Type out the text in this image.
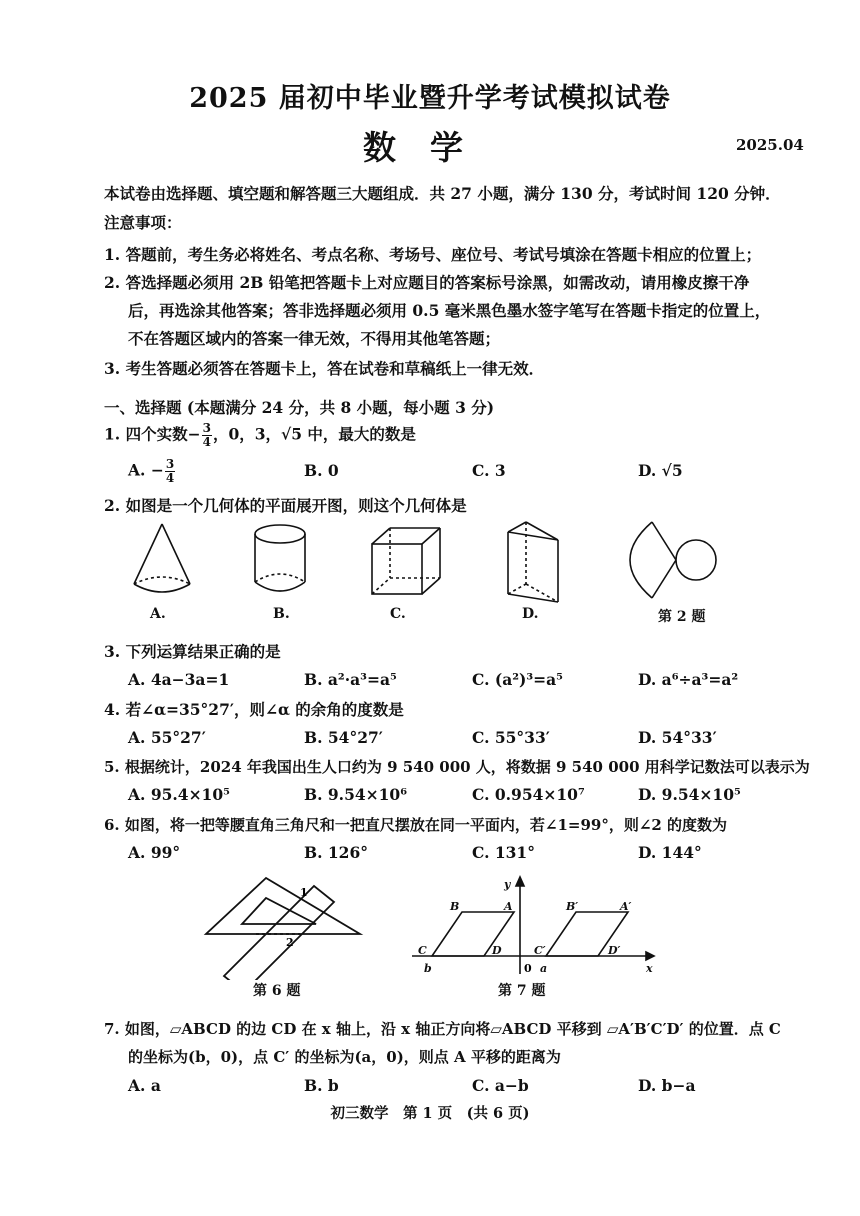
2025 届初中毕业暨升学考试模拟试卷
数学	2025.04
本试卷由选择题、填空题和解答题三大题组成．共 27 小题，满分 130 分，考试时间 120 分钟．
注意事项：
1. 答题前，考生务必将姓名、考点名称、考场号、座位号、考试号填涂在答题卡相应的位置上；
2. 答选择题必须用 2B 铅笔把答题卡上对应题目的答案标号涂黑，如需改动，请用橡皮擦干净
后，再选涂其他答案；答非选择题必须用 0.5 毫米黑色墨水签字笔写在答题卡指定的位置上，
不在答题区域内的答案一律无效，不得用其他笔答题；
3. 考生答题必须答在答题卡上，答在试卷和草稿纸上一律无效．
一、选择题 (本题满分 24 分，共 8 小题，每小题 3 分)
1. 四个实数− $\frac{3}{4}$ ，0，3，√5 中，最大的数是
A. − $\frac{3}{4}$	B. 0	C. 3	D. √5
2. 如图是一个几何体的平面展开图，则这个几何体是
A.	B.	C.	D.	第 2 题
3. 下列运算结果正确的是
A. 4a−3a=1	B. a²·a³=a⁵	C. (a²)³=a⁵	D. a⁶÷a³=a²
4. 若∠α=35°27′，则∠α 的余角的度数是
A. 55°27′	B. 54°27′	C. 55°33′	D. 54°33′
5. 根据统计，2024 年我国出生人口约为 9 540 000 人，将数据 9 540 000 用科学记数法可以表示为
A. 95.4×10⁵	B. 9.54×10⁶	C. 0.954×10⁷	D. 9.54×10⁵
6. 如图，将一把等腰直角三角尺和一把直尺摆放在同一平面内，若∠1=99°，则∠2 的度数为
A. 99°	B. 126°	C. 131°	D. 144°
1
2
第 6 题
y
x
B	A
C	D
B′	A′
C′	D′
b	a
0
第 7 题
7. 如图，▱ABCD 的边 CD 在 x 轴上，沿 x 轴正方向将▱ABCD 平移到 ▱A′B′C′D′ 的位置．点 C
的坐标为(b，0)，点 C′ 的坐标为(a，0)，则点 A 平移的距离为
A. a	B. b	C. a−b	D. b−a
初三数学　第 1 页　(共 6 页)
